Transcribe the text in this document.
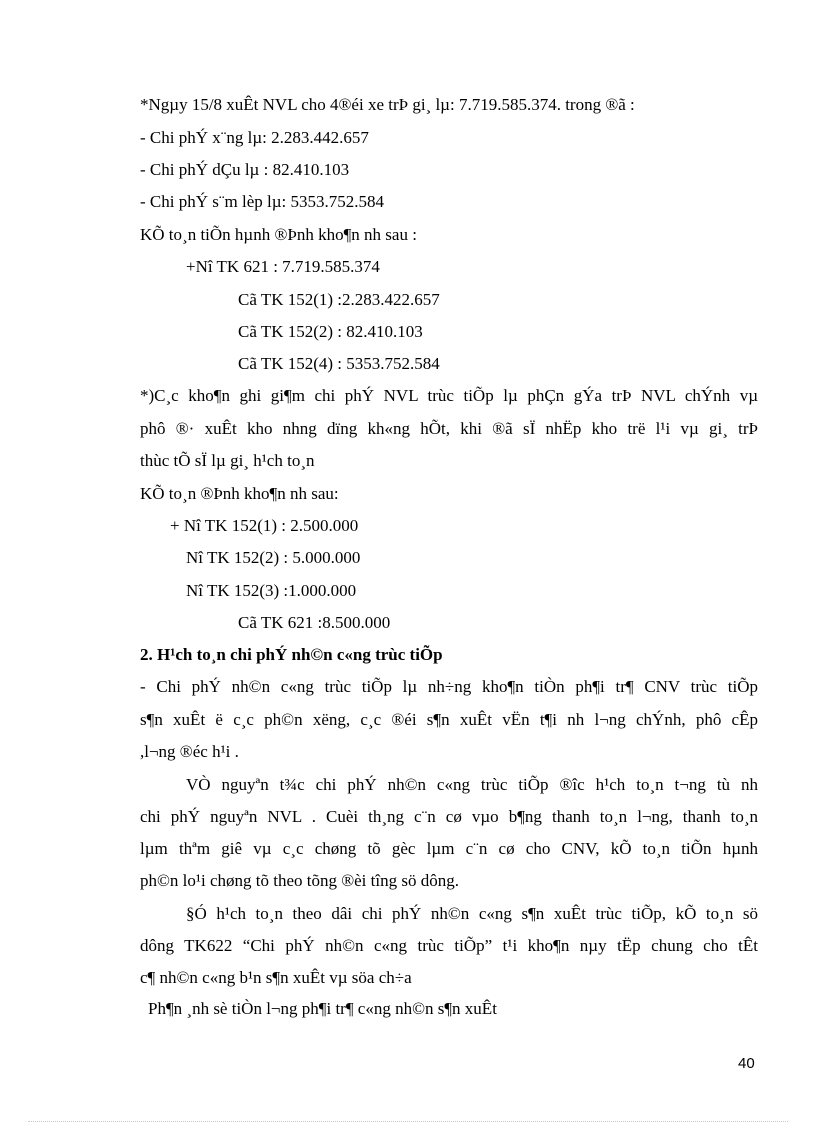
*Ngµy 15/8 xuÊt NVL cho 4®éi xe trÞ gi¸ lµ: 7.719.585.374. trong ®ã :
- Chi phÝ x¨ng lµ: 2.283.442.657
- Chi phÝ dÇu lµ : 82.410.103
- Chi phÝ s¨m lèp lµ: 5353.752.584
KÕ to¸n tiÕn hµnh ®Þnh kho¶n nh sau :
+Nî TK 621 : 7.719.585.374
Cã TK 152(1) :2.283.422.657
Cã TK 152(2) : 82.410.103
Cã TK 152(4) : 5353.752.584
*)C¸c kho¶n ghi gi¶m chi phÝ NVL trùc tiÕp lµ phÇn gÝa trÞ NVL chÝnh vµ
phô ®· xuÊt kho nhng dïng kh«ng hÕt, khi ®ã sÏ nhËp kho trë l¹i vµ gi¸ trÞ
thùc tÕ sÏ lµ gi¸ h¹ch to¸n
KÕ to¸n ®Þnh kho¶n nh sau:
+ Nî TK 152(1) : 2.500.000
Nî TK 152(2) : 5.000.000
Nî TK 152(3) :1.000.000
Cã TK 621 :8.500.000
2. H¹ch to¸n chi phÝ nh©n c«ng trùc tiÕp
- Chi phÝ nh©n c«ng trùc tiÕp lµ nh÷ng kho¶n tiÒn ph¶i tr¶ CNV trùc tiÕp
s¶n xuÊt ë c¸c ph©n xëng, c¸c ®éi s¶n xuÊt vËn t¶i nh l¬ng chÝnh, phô cÊp
,l¬ng ®éc h¹i .
VÒ nguyªn t¾c chi phÝ nh©n c«ng trùc tiÕp ®îc h¹ch to¸n t¬ng tù nh
chi phÝ nguyªn NVL . Cuèi th¸ng c¨n cø vµo b¶ng thanh to¸n l¬ng, thanh to¸n
lµm thªm giê vµ c¸c chøng tõ gèc lµm c¨n cø cho CNV, kÕ to¸n tiÕn hµnh
ph©n lo¹i chøng tõ theo tõng ®èi tîng sö dông.
§Ó h¹ch to¸n theo dâi chi phÝ nh©n c«ng s¶n xuÊt trùc tiÕp, kÕ to¸n sö
dông TK622 “Chi phÝ nh©n c«ng trùc tiÕp” t¹i kho¶n nµy tËp chung cho tÊt
c¶ nh©n c«ng b¹n s¶n xuÊt vµ söa ch÷a
Ph¶n ¸nh sè tiÒn l¬ng ph¶i tr¶ c«ng nh©n s¶n xuÊt
40
